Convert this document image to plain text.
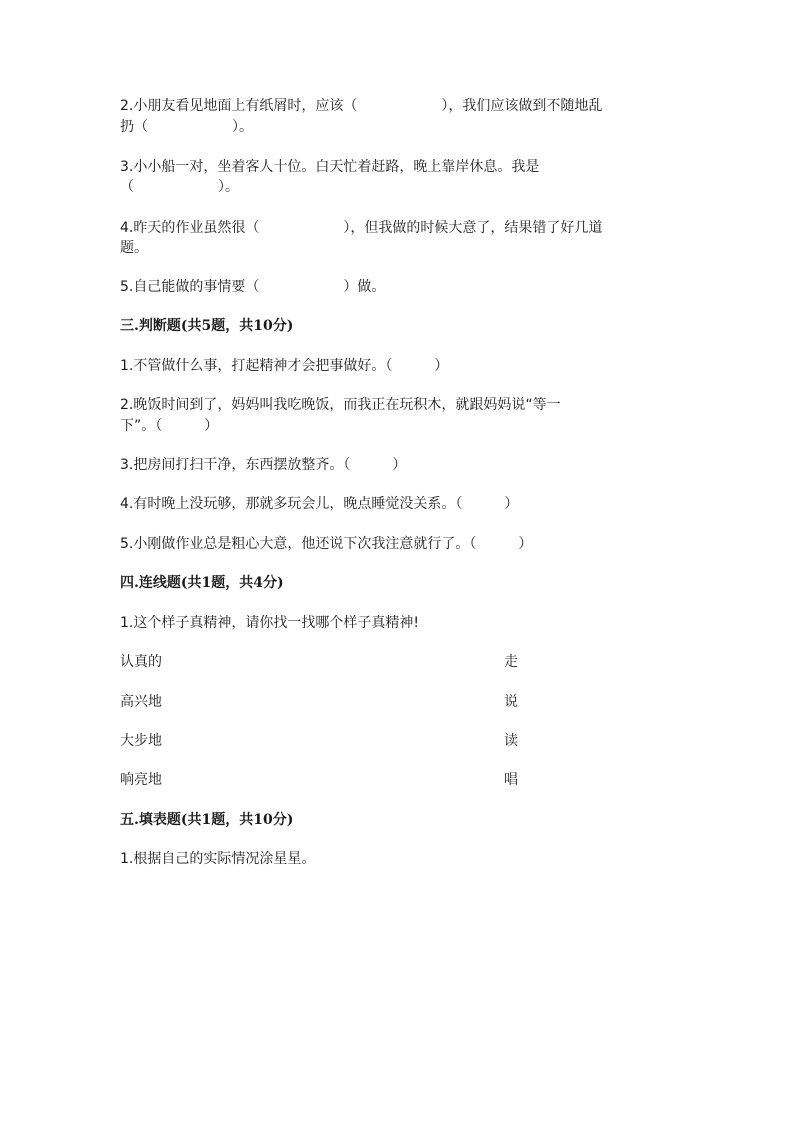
2.小朋友看见地面上有纸屑时，应该（　　　　　　），我们应该做到不随地乱
扔（　　　　　　）。
3.小小船一对，坐着客人十位。白天忙着赶路，晚上靠岸休息。我是
（　　　　　　）。
4.昨天的作业虽然很（　　　　　　），但我做的时候大意了，结果错了好几道
题。
5.自己能做的事情要（　　　　　　）做。
三.判断题(共5题，共10分)
1.不管做什么事，打起精神才会把事做好。（　　　）
2.晚饭时间到了，妈妈叫我吃晚饭，而我正在玩积木，就跟妈妈说“等一
下”。（　　　）
3.把房间打扫干净，东西摆放整齐。（　　　）
4.有时晚上没玩够，那就多玩会儿，晚点睡觉没关系。（　　　）
5.小刚做作业总是粗心大意，他还说下次我注意就行了。（　　　）
四.连线题(共1题，共4分)
1.这个样子真精神，请你找一找哪个样子真精神!
认真的	走
高兴地	说
大步地	读
响亮地	唱
五.填表题(共1题，共10分)
1.根据自己的实际情况涂星星。
